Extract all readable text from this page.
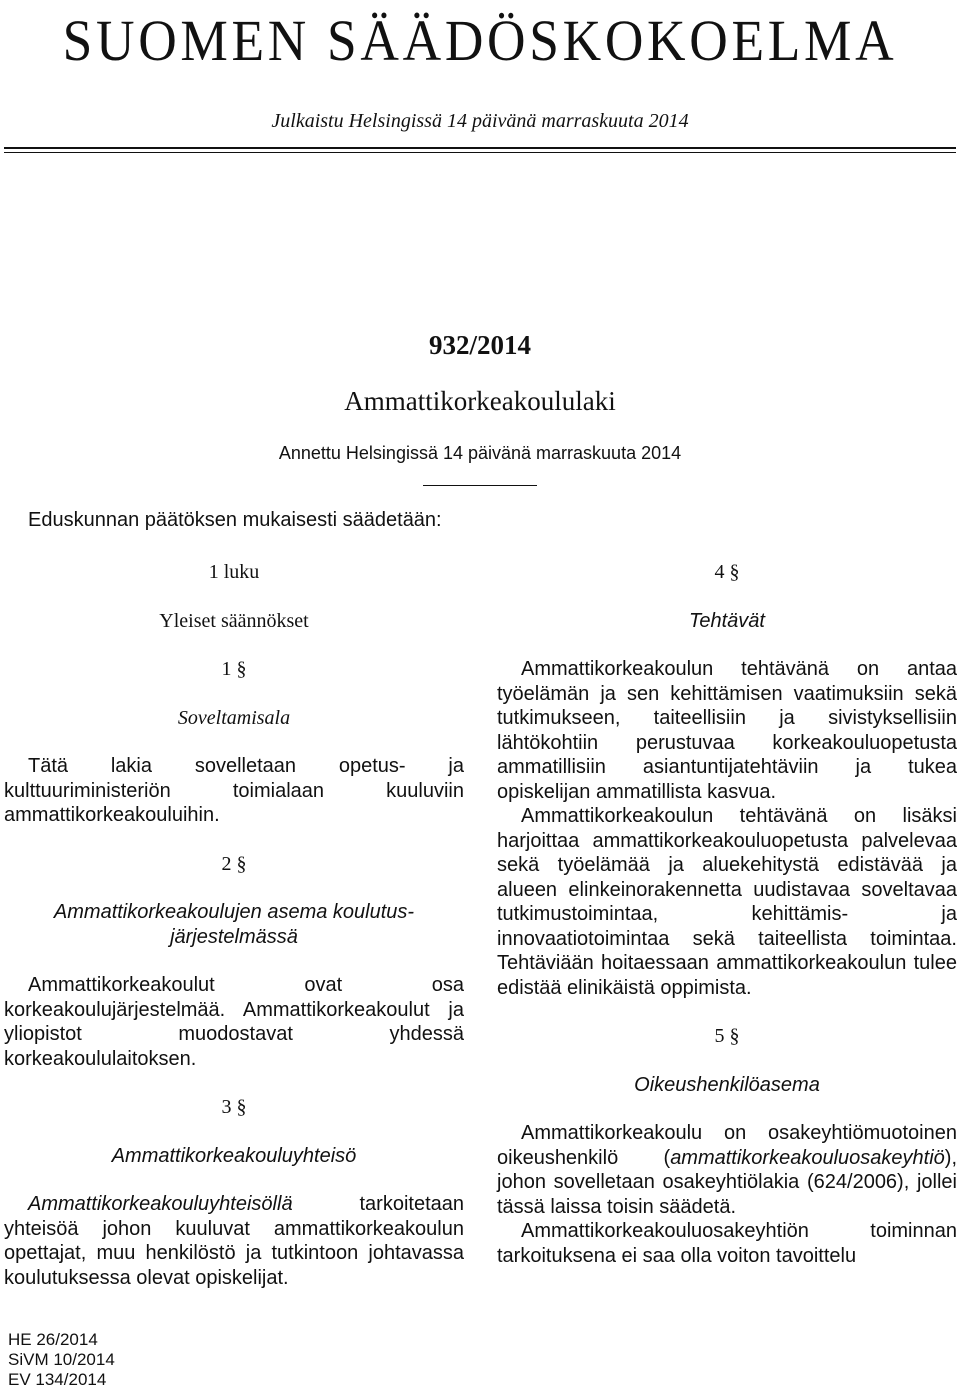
SUOMEN SÄÄDÖSKOKOELMA
Julkaistu Helsingissä 14 päivänä marraskuuta 2014
932/2014
Ammattikorkeakoululaki
Annettu Helsingissä 14 päivänä marraskuuta 2014
Eduskunnan päätöksen mukaisesti säädetään:
1 luku
Yleiset säännökset
1 §
Soveltamisala

Tätä lakia sovelletaan opetus- ja kulttuuriministeriön toimialaan kuuluviin ammattikorkeakouluihin.

2 §
Ammattikorkeakoulujen asema koulutus-
järjestelmässä

Ammattikorkeakoulut ovat osa korkeakoulujärjestelmää. Ammattikorkeakoulut ja yliopistot muodostavat yhdessä korkeakoululaitoksen.

3 §
Ammattikorkeakouluyhteisö

Ammattikorkeakouluyhteisöllä tarkoitetaan yhteisöä johon kuuluvat ammattikorkeakoulun opettajat, muu henkilöstö ja tutkintoon johtavassa koulutuksessa olevat opiskelijat.

4 §
Tehtävät

Ammattikorkeakoulun tehtävänä on antaa työelämän ja sen kehittämisen vaatimuksiin sekä tutkimukseen, taiteellisiin ja sivistyksellisiin lähtökohtiin perustuvaa korkeakouluopetusta ammatillisiin asiantuntijatehtäviin ja tukea opiskelijan ammatillista kasvua.

Ammattikorkeakoulun tehtävänä on lisäksi harjoittaa ammattikorkeakouluopetusta palvelevaa sekä työelämää ja aluekehitystä edistävää ja alueen elinkeinorakennetta uudistavaa soveltavaa tutkimustoimintaa, kehittämis- ja innovaatiotoimintaa sekä taiteellista toimintaa. Tehtäviään hoitaessaan ammattikorkeakoulun tulee edistää elinikäistä oppimista.

5 §
Oikeushenkilöasema

Ammattikorkeakoulu on osakeyhtiömuotoinen oikeushenkilö (ammattikorkeakouluosakeyhtiö), johon sovelletaan osakeyhtiölakia (624/2006), jollei tässä laissa toisin säädetä.

Ammattikorkeakouluosakeyhtiön toiminnan tarkoituksena ei saa olla voiton tavoittelu

HE 26/2014
SiVM 10/2014
EV 134/2014
